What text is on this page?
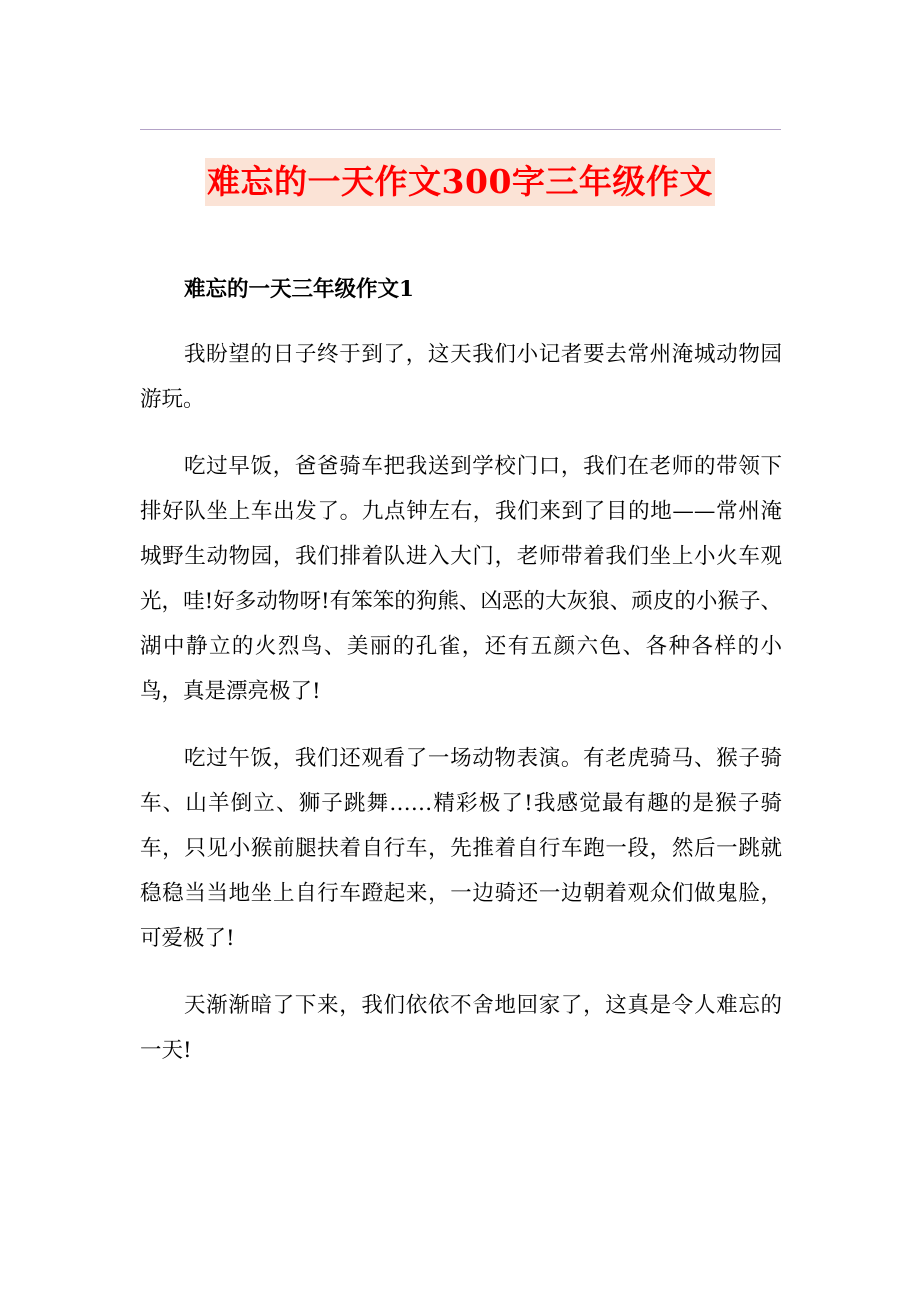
难忘的一天作文300字三年级作文

难忘的一天三年级作文1

我盼望的日子终于到了，这天我们小记者要去常州淹城动物园游玩。

吃过早饭，爸爸骑车把我送到学校门口，我们在老师的带领下排好队坐上车出发了。九点钟左右，我们来到了目的地——常州淹城野生动物园，我们排着队进入大门，老师带着我们坐上小火车观光，哇!好多动物呀!有笨笨的狗熊、凶恶的大灰狼、顽皮的小猴子、湖中静立的火烈鸟、美丽的孔雀，还有五颜六色、各种各样的小鸟，真是漂亮极了!

吃过午饭，我们还观看了一场动物表演。有老虎骑马、猴子骑车、山羊倒立、狮子跳舞……精彩极了!我感觉最有趣的是猴子骑车，只见小猴前腿扶着自行车，先推着自行车跑一段，然后一跳就稳稳当当地坐上自行车蹬起来，一边骑还一边朝着观众们做鬼脸，可爱极了!

天渐渐暗了下来，我们依依不舍地回家了，这真是令人难忘的一天!
